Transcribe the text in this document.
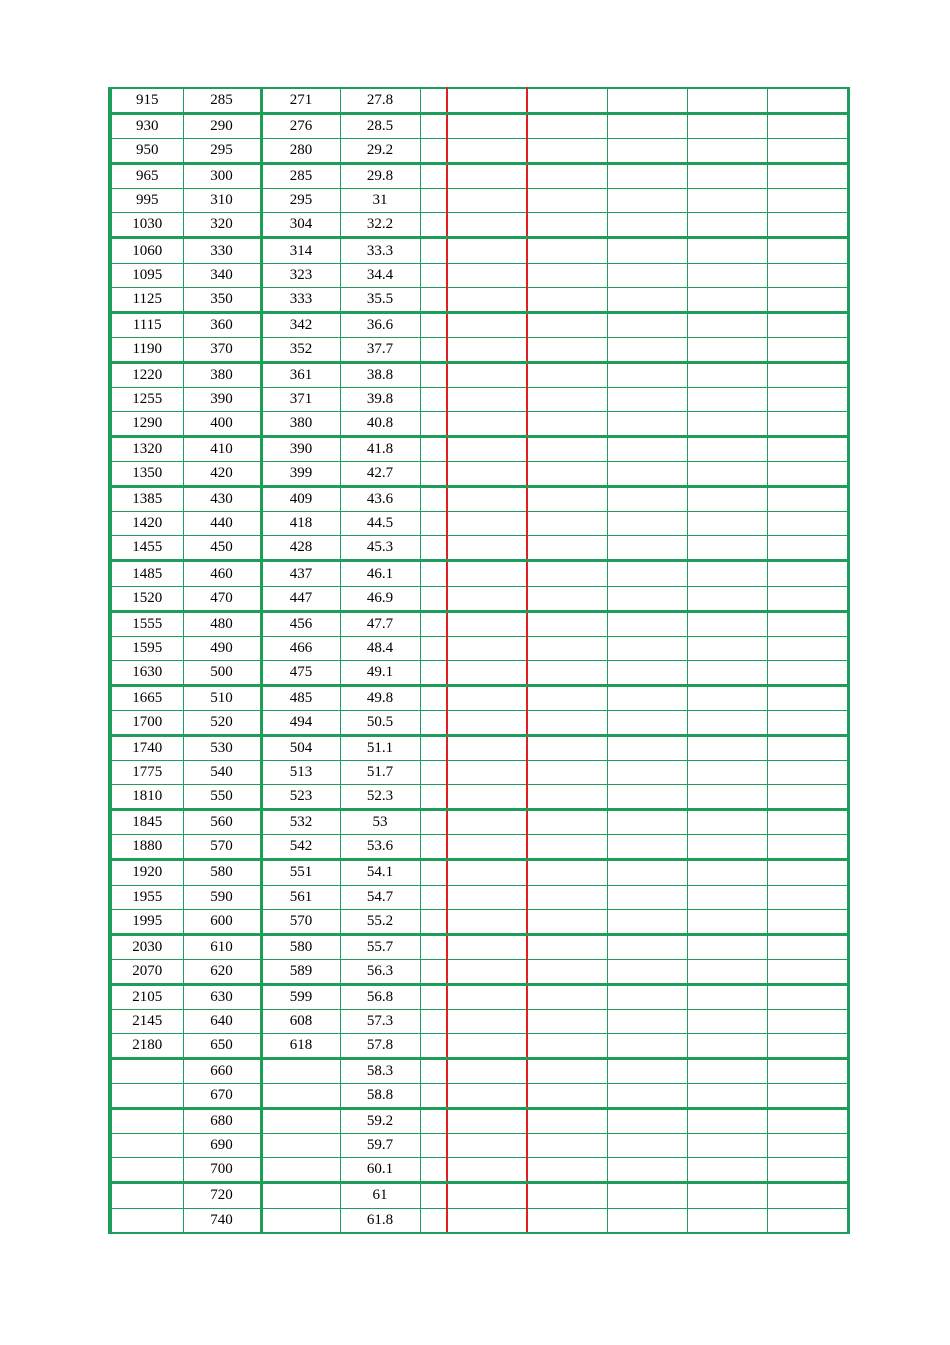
915	285	271	27.8						
930	290	276	28.5						
950	295	280	29.2						
965	300	285	29.8						
995	310	295	31						
1030	320	304	32.2						
1060	330	314	33.3						
1095	340	323	34.4						
1125	350	333	35.5						
1115	360	342	36.6						
1190	370	352	37.7						
1220	380	361	38.8						
1255	390	371	39.8						
1290	400	380	40.8						
1320	410	390	41.8						
1350	420	399	42.7						
1385	430	409	43.6						
1420	440	418	44.5						
1455	450	428	45.3						
1485	460	437	46.1						
1520	470	447	46.9						
1555	480	456	47.7						
1595	490	466	48.4						
1630	500	475	49.1						
1665	510	485	49.8						
1700	520	494	50.5						
1740	530	504	51.1						
1775	540	513	51.7						
1810	550	523	52.3						
1845	560	532	53						
1880	570	542	53.6						
1920	580	551	54.1						
1955	590	561	54.7						
1995	600	570	55.2						
2030	610	580	55.7						
2070	620	589	56.3						
2105	630	599	56.8						
2145	640	608	57.3						
2180	650	618	57.8						
	660		58.3						
	670		58.8						
	680		59.2						
	690		59.7						
	700		60.1						
	720		61						
	740		61.8						
